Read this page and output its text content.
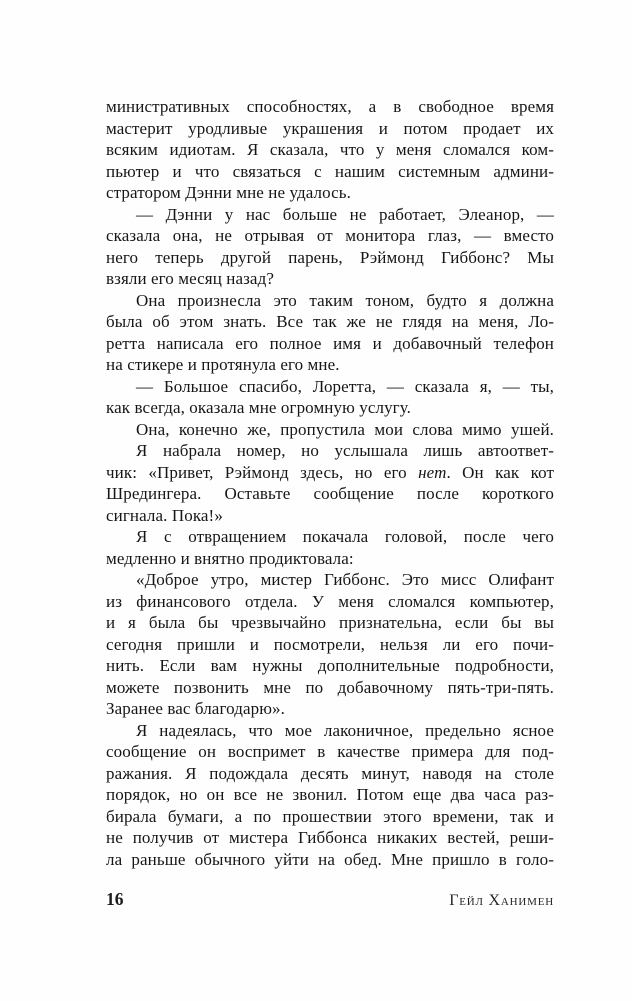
министративных способностях, а в свободное время
мастерит уродливые украшения и потом продает их
всяким идиотам. Я сказала, что у меня сломался ком-
пьютер и что связаться с нашим системным админи-
стратором Дэнни мне не удалось.
— Дэнни у нас больше не работает, Элеанор, —
сказала она, не отрывая от монитора глаз, — вместо
него теперь другой парень, Рэймонд Гиббонс? Мы
взяли его месяц назад?
Она произнесла это таким тоном, будто я должна
была об этом знать. Все так же не глядя на меня, Ло-
ретта написала его полное имя и добавочный телефон
на стикере и протянула его мне.
— Большое спасибо, Лоретта, — сказала я, — ты,
как всегда, оказала мне огромную услугу.
Она, конечно же, пропустила мои слова мимо ушей.
Я набрала номер, но услышала лишь автоответ-
чик: «Привет, Рэймонд здесь, но его нет. Он как кот
Шредингера. Оставьте сообщение после короткого
сигнала. Пока!»
Я с отвращением покачала головой, после чего
медленно и внятно продиктовала:
«Доброе утро, мистер Гиббонс. Это мисс Олифант
из финансового отдела. У меня сломался компьютер,
и я была бы чрезвычайно признательна, если бы вы
сегодня пришли и посмотрели, нельзя ли его почи-
нить. Если вам нужны дополнительные подробности,
можете позвонить мне по добавочному пять-три-пять.
Заранее вас благодарю».
Я надеялась, что мое лаконичное, предельно ясное
сообщение он воспримет в качестве примера для под-
ражания. Я подождала десять минут, наводя на столе
порядок, но он все не звонил. Потом еще два часа раз-
бирала бумаги, а по прошествии этого времени, так и
не получив от мистера Гиббонса никаких вестей, реши-
ла раньше обычного уйти на обед. Мне пришло в голо-
16	Гейл Ханимен
